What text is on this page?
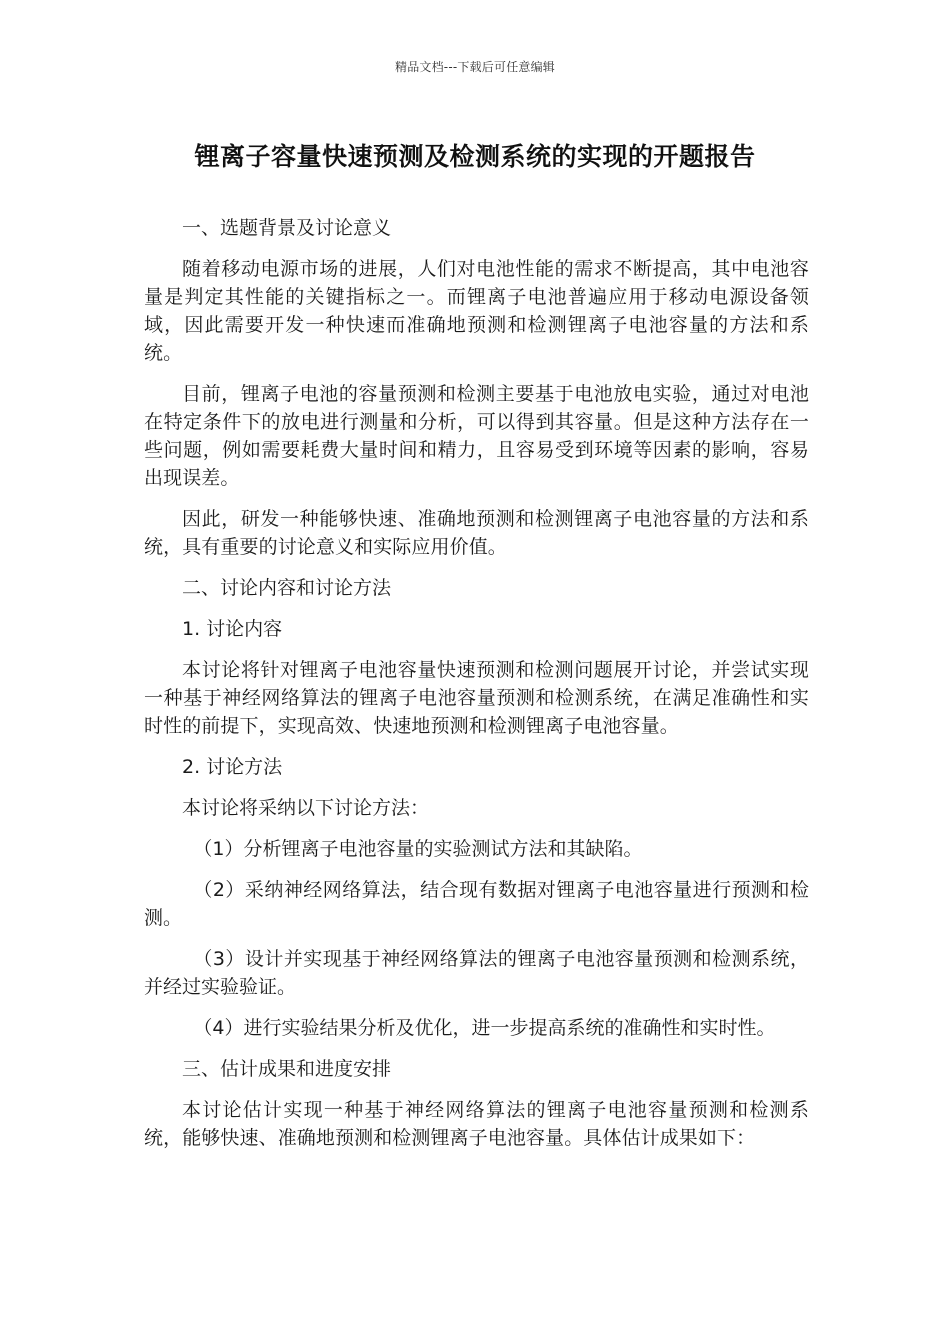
精品文档---下载后可任意编辑
锂离子容量快速预测及检测系统的实现的开题报告

一、选题背景及讨论意义

随着移动电源市场的进展，人们对电池性能的需求不断提高，其中电池容量是判定其性能的关键指标之一。而锂离子电池普遍应用于移动电源设备领域，因此需要开发一种快速而准确地预测和检测锂离子电池容量的方法和系统。

目前，锂离子电池的容量预测和检测主要基于电池放电实验，通过对电池在特定条件下的放电进行测量和分析，可以得到其容量。但是这种方法存在一些问题，例如需要耗费大量时间和精力，且容易受到环境等因素的影响，容易出现误差。

因此，研发一种能够快速、准确地预测和检测锂离子电池容量的方法和系统，具有重要的讨论意义和实际应用价值。

二、讨论内容和讨论方法

1. 讨论内容

本讨论将针对锂离子电池容量快速预测和检测问题展开讨论，并尝试实现一种基于神经网络算法的锂离子电池容量预测和检测系统，在满足准确性和实时性的前提下，实现高效、快速地预测和检测锂离子电池容量。

2. 讨论方法

本讨论将采纳以下讨论方法：

（1）分析锂离子电池容量的实验测试方法和其缺陷。

（2）采纳神经网络算法，结合现有数据对锂离子电池容量进行预测和检测。

（3）设计并实现基于神经网络算法的锂离子电池容量预测和检测系统，并经过实验验证。

（4）进行实验结果分析及优化，进一步提高系统的准确性和实时性。

三、估计成果和进度安排

本讨论估计实现一种基于神经网络算法的锂离子电池容量预测和检测系统，能够快速、准确地预测和检测锂离子电池容量。具体估计成果如下：
